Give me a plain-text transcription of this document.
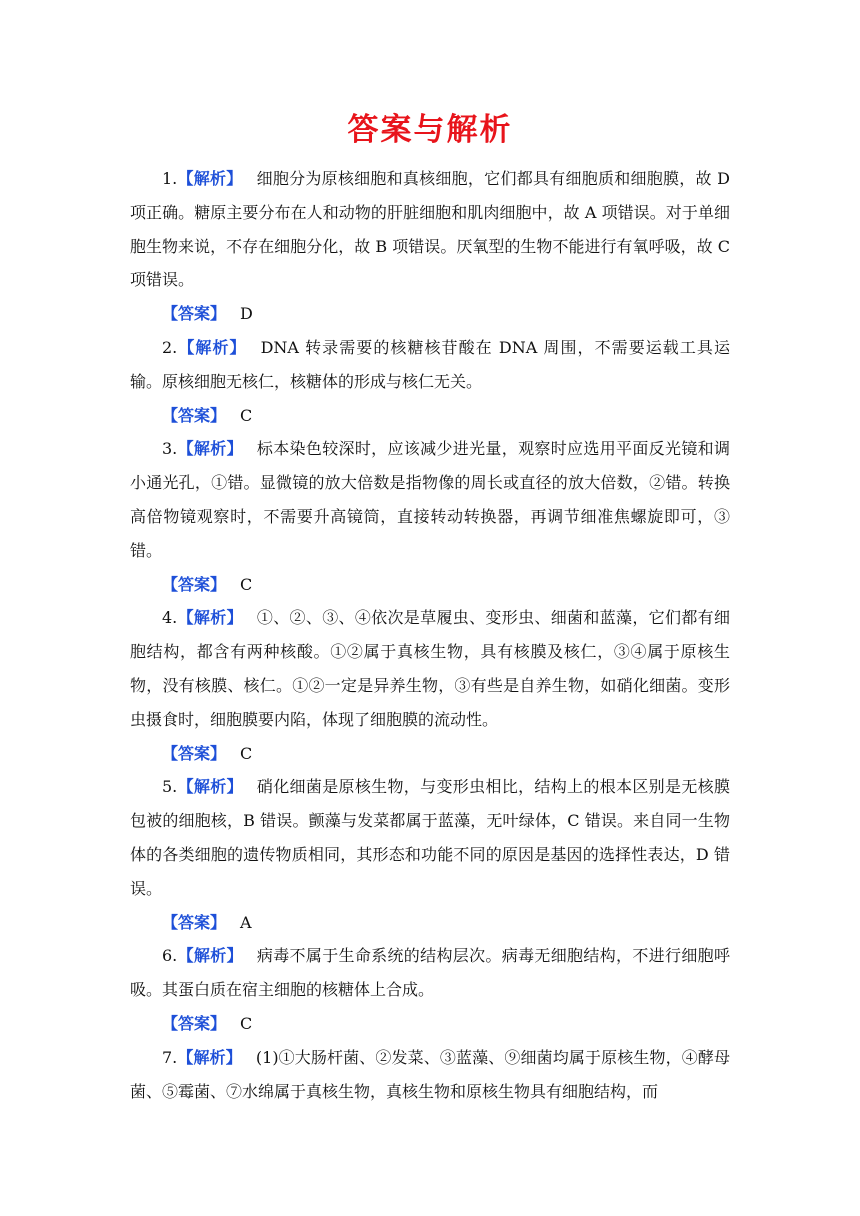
答案与解析

1.【解析】 细胞分为原核细胞和真核细胞，它们都具有细胞质和细胞膜，故 D 项正确。糖原主要分布在人和动物的肝脏细胞和肌肉细胞中，故 A 项错误。对于单细胞生物来说，不存在细胞分化，故 B 项错误。厌氧型的生物不能进行有氧呼吸，故 C 项错误。

【答案】 D

2.【解析】 DNA 转录需要的核糖核苷酸在 DNA 周围，不需要运载工具运输。原核细胞无核仁，核糖体的形成与核仁无关。

【答案】 C

3.【解析】 标本染色较深时，应该减少进光量，观察时应选用平面反光镜和调小通光孔，①错。显微镜的放大倍数是指物像的周长或直径的放大倍数，②错。转换高倍物镜观察时，不需要升高镜筒，直接转动转换器，再调节细准焦螺旋即可，③错。

【答案】 C

4.【解析】 ①、②、③、④依次是草履虫、变形虫、细菌和蓝藻，它们都有细胞结构，都含有两种核酸。①②属于真核生物，具有核膜及核仁，③④属于原核生物，没有核膜、核仁。①②一定是异养生物，③有些是自养生物，如硝化细菌。变形虫摄食时，细胞膜要内陷，体现了细胞膜的流动性。

【答案】 C

5.【解析】 硝化细菌是原核生物，与变形虫相比，结构上的根本区别是无核膜包被的细胞核，B 错误。颤藻与发菜都属于蓝藻，无叶绿体，C 错误。来自同一生物体的各类细胞的遗传物质相同，其形态和功能不同的原因是基因的选择性表达，D 错误。

【答案】 A

6.【解析】 病毒不属于生命系统的结构层次。病毒无细胞结构，不进行细胞呼吸。其蛋白质在宿主细胞的核糖体上合成。

【答案】 C

7.【解析】 (1)①大肠杆菌、②发菜、③蓝藻、⑨细菌均属于原核生物，④酵母菌、⑤霉菌、⑦水绵属于真核生物，真核生物和原核生物具有细胞结构，而
